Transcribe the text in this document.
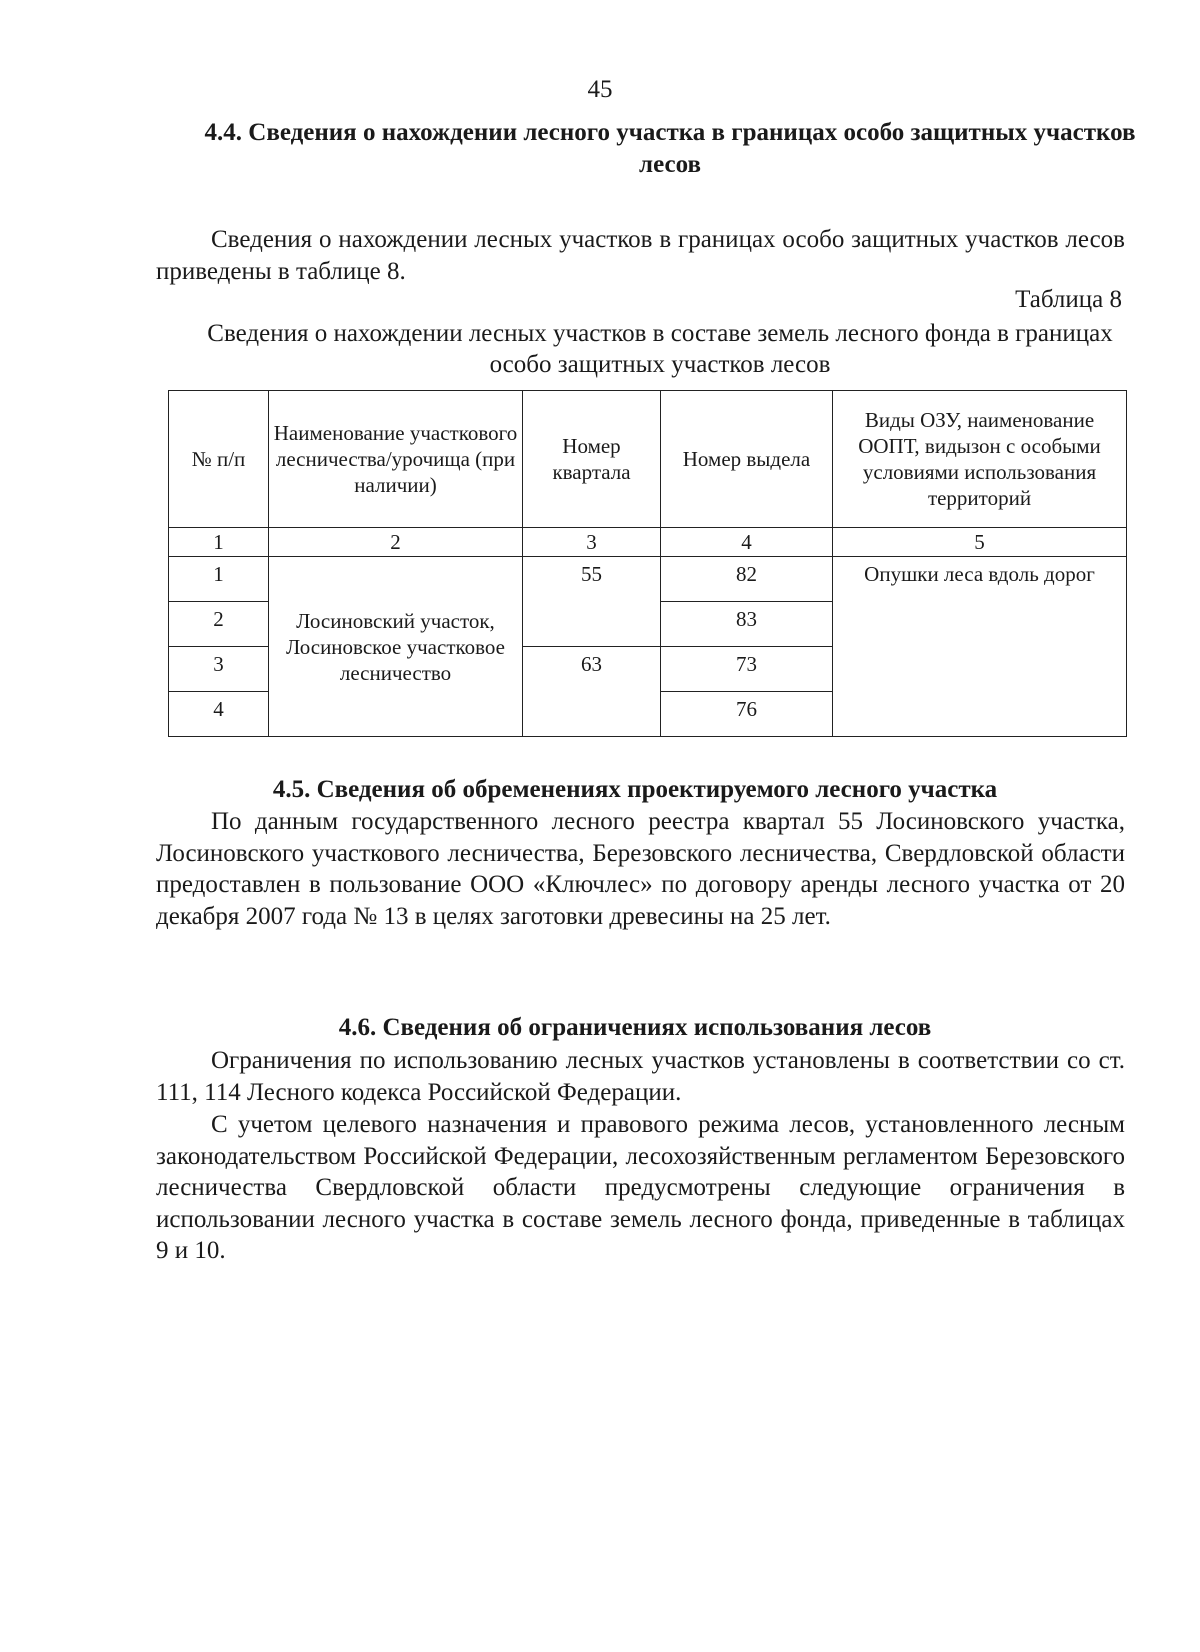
45
4.4. Сведения о нахождении лесного участка в границах особо защитных участков лесов

Сведения о нахождении лесных участков в границах особо защитных участков лесов приведены в таблице 8.

Таблица 8
Сведения о нахождении лесных участков в составе земель лесного фонда в границах особо защитных участков лесов
№ п/п	Наименование участкового лесничества/урочища (при наличии)	Номер квартала	Номер выдела	Виды ОЗУ, наименование ООПТ, видызон с особыми условиями использования территорий
1	2	3	4	5
1	Лосиновский участок, Лосиновское участковое лесничество	55	82	Опушки леса вдоль дорог
2			83	
3		63	73	
4			76	
4.5. Сведения об обременениях проектируемого лесного участка

По данным государственного лесного реестра квартал 55 Лосиновского участка, Лосиновского участкового лесничества, Березовского лесничества, Свердловской области предоставлен в пользование ООО «Ключлес» по договору аренды лесного участка от 20 декабря 2007 года № 13 в целях заготовки древесины на 25 лет.

4.6. Сведения об ограничениях использования лесов

Ограничения по использованию лесных участков установлены в соответствии со ст. 111, 114 Лесного кодекса Российской Федерации.

С учетом целевого назначения и правового режима лесов, установленного лесным законодательством Российской Федерации, лесохозяйственным регламентом Березовского лесничества Свердловской области предусмотрены следующие ограничения в использовании лесного участка в составе земель лесного фонда, приведенные в таблицах 9 и 10.
